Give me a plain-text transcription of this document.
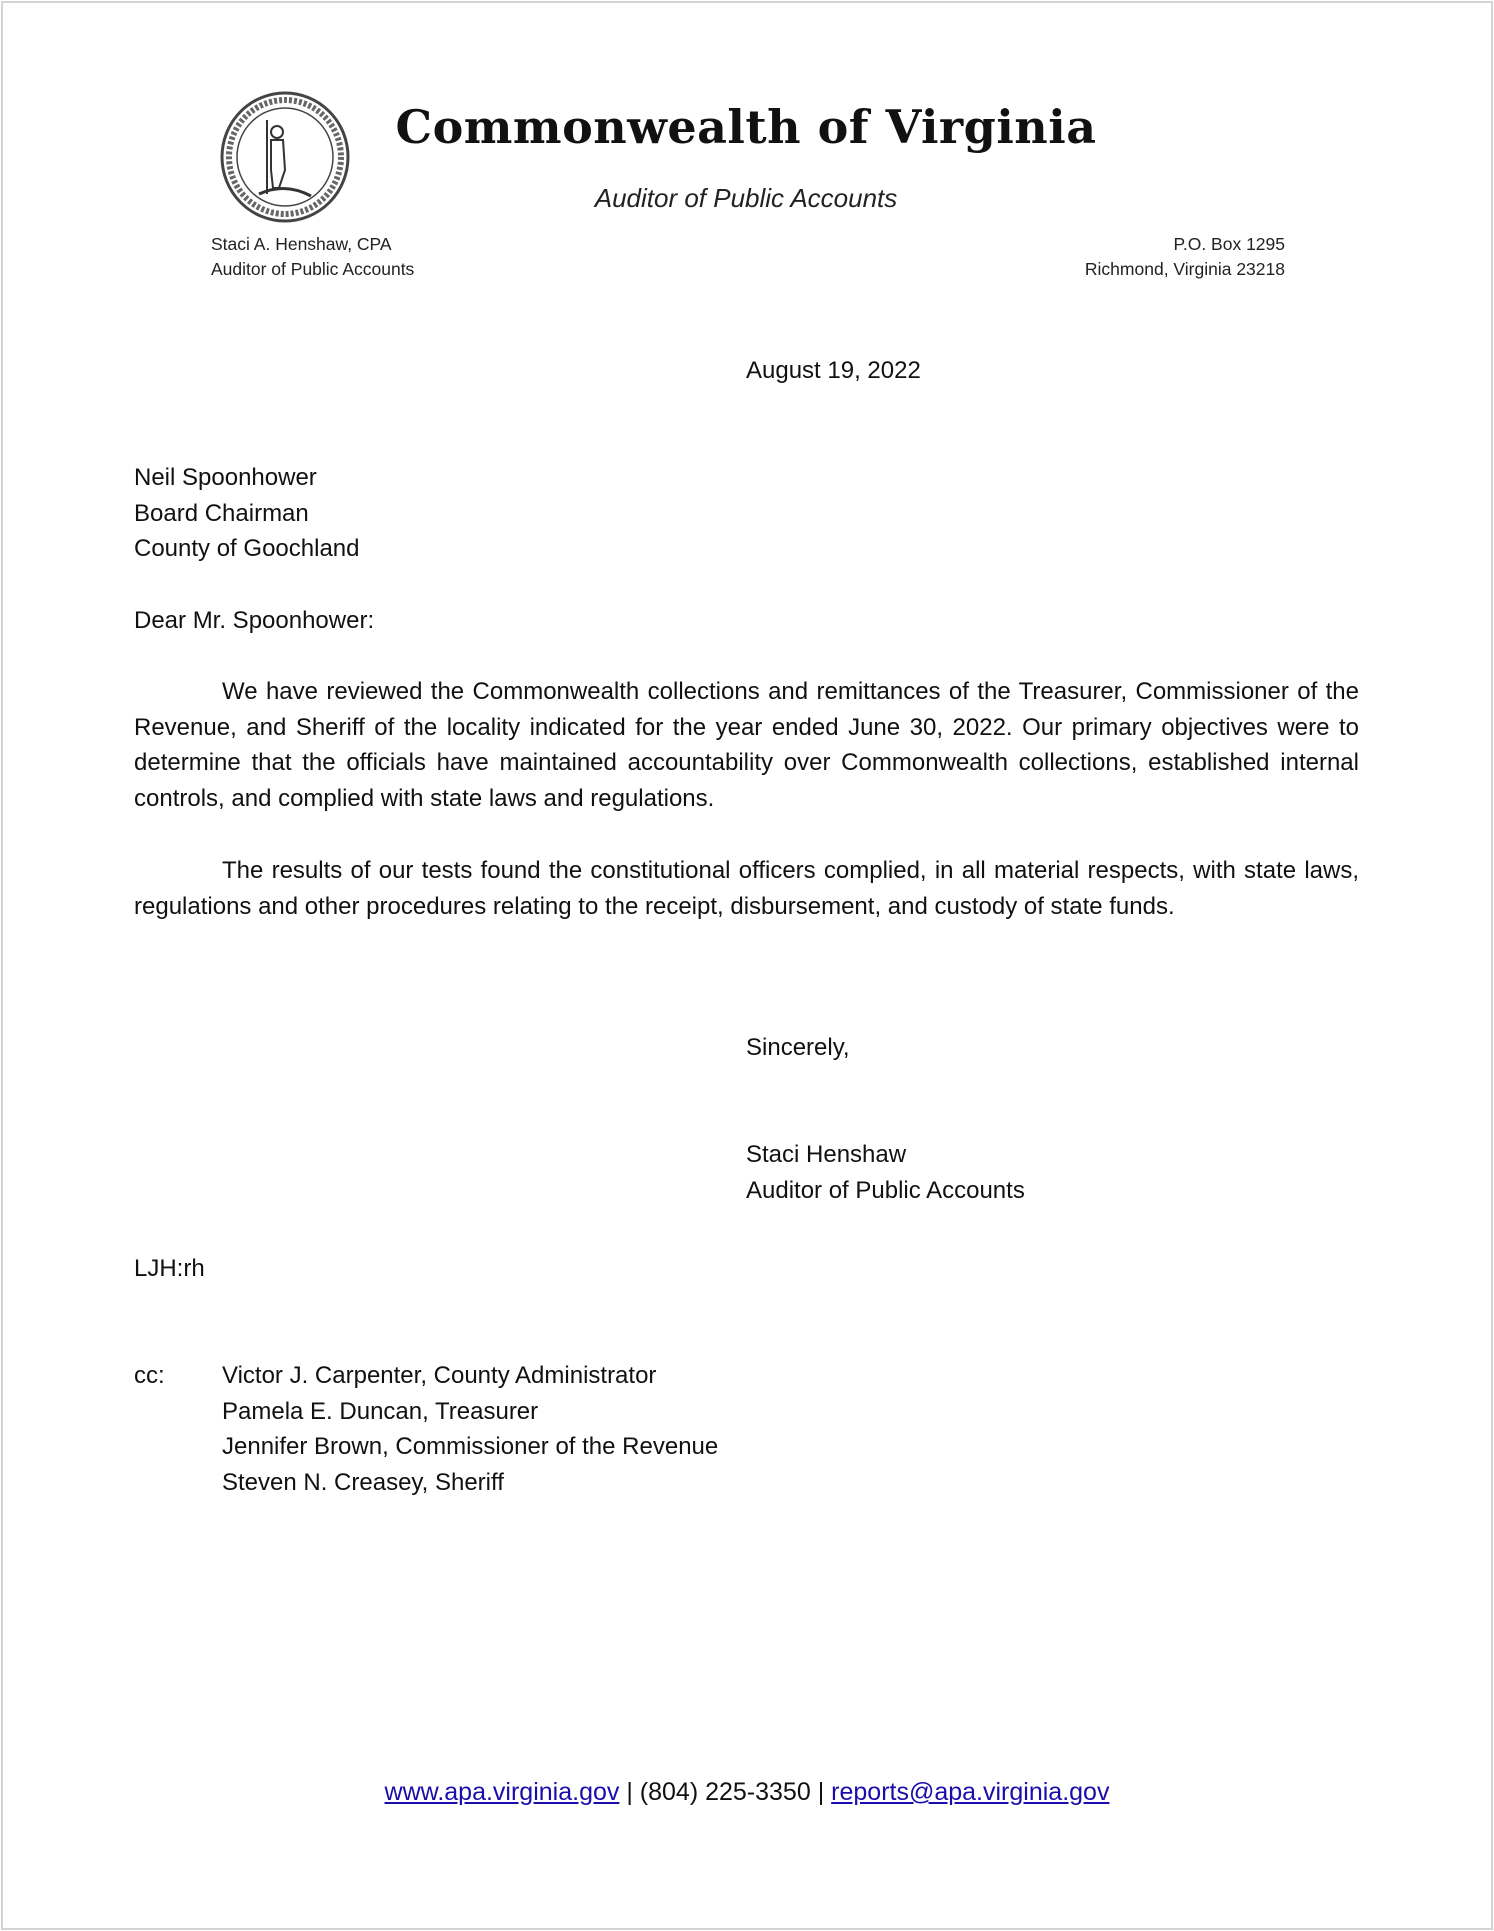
Commonwealth of Virginia
Auditor of Public Accounts
Staci A. Henshaw, CPA
Auditor of Public Accounts
P.O. Box 1295
Richmond, Virginia 23218
August 19, 2022
Neil Spoonhower
Board Chairman
County of Goochland
Dear Mr. Spoonhower:

We have reviewed the Commonwealth collections and remittances of the Treasurer, Commissioner of the Revenue, and Sheriff of the locality indicated for the year ended June 30, 2022. Our primary objectives were to determine that the officials have maintained accountability over Commonwealth collections, established internal controls, and complied with state laws and regulations.

The results of our tests found the constitutional officers complied, in all material respects, with state laws, regulations and other procedures relating to the receipt, disbursement, and custody of state funds.

Sincerely,
Staci Henshaw
Auditor of Public Accounts
LJH:rh
cc: Victor J. Carpenter, County Administrator
Pamela E. Duncan, Treasurer
Jennifer Brown, Commissioner of the Revenue
Steven N. Creasey, Sheriff
www.apa.virginia.gov | (804) 225-3350 | reports@apa.virginia.gov
